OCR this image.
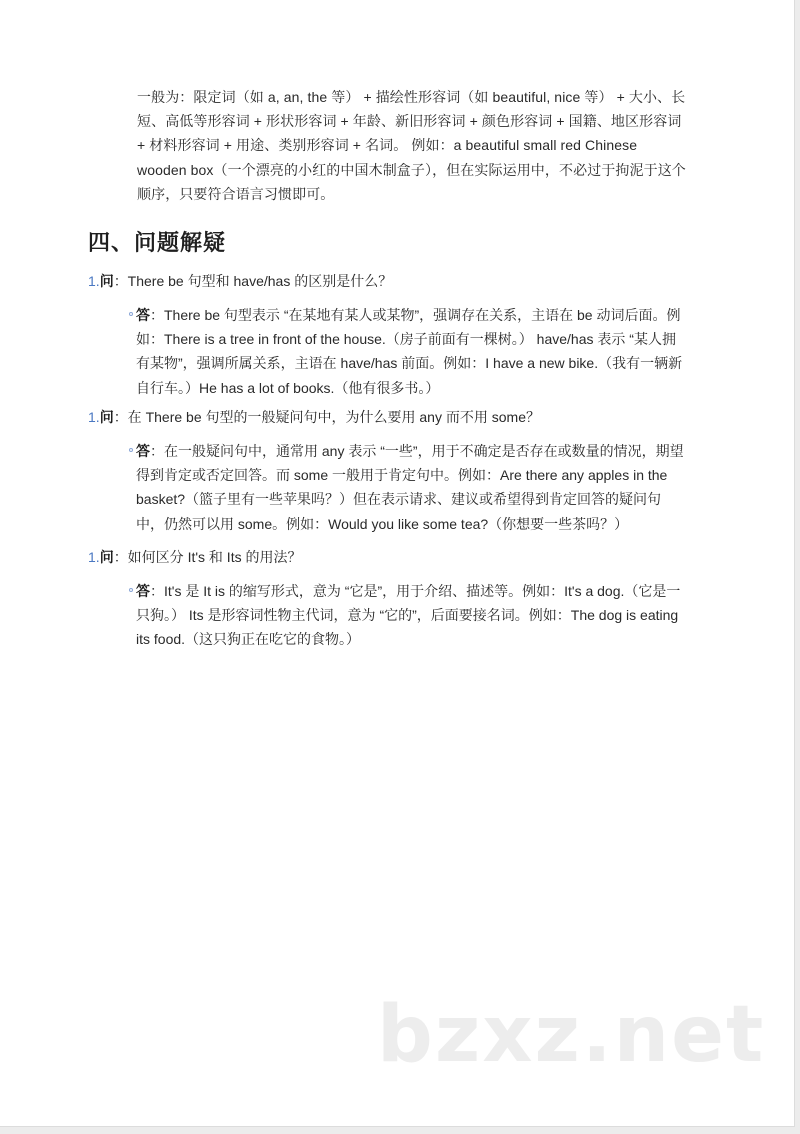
一般为：限定词（如 a, an, the 等） + 描绘性形容词（如 beautiful, nice 等） + 大小、长短、高低等形容词 + 形状形容词 + 年龄、新旧形容词 + 颜色形容词 + 国籍、地区形容词 + 材料形容词 + 用途、类别形容词 + 名词。 例如：a beautiful small red Chinese wooden box（一个漂亮的小红的中国木制盒子），但在实际运用中，不必过于拘泥于这个顺序，只要符合语言习惯即可。
四、问题解疑
1.问：There be 句型和 have/has 的区别是什么？
答：There be 句型表示 “在某地有某人或某物”，强调存在关系，主语在 be 动词后面。例如：There is a tree in front of the house.（房子前面有一棵树。） have/has 表示 “某人拥有某物”，强调所属关系，主语在 have/has 前面。例如：I have a new bike.（我有一辆新自行车。）He has a lot of books.（他有很多书。）
1.问：在 There be 句型的一般疑问句中，为什么要用 any 而不用 some？
答：在一般疑问句中，通常用 any 表示 “一些”，用于不确定是否存在或数量的情况，期望得到肯定或否定回答。而 some 一般用于肯定句中。例如：Are there any apples in the basket?（篮子里有一些苹果吗？）但在表示请求、建议或希望得到肯定回答的疑问句中，仍然可以用 some。例如：Would you like some tea?（你想要一些茶吗？）
1.问：如何区分 It's 和 Its 的用法？
答：It's 是 It is 的缩写形式，意为 “它是”，用于介绍、描述等。例如：It's a dog.（它是一只狗。） Its 是形容词性物主代词，意为 “它的”，后面要接名词。例如：The dog is eating its food.（这只狗正在吃它的食物。）
bzxz.net
